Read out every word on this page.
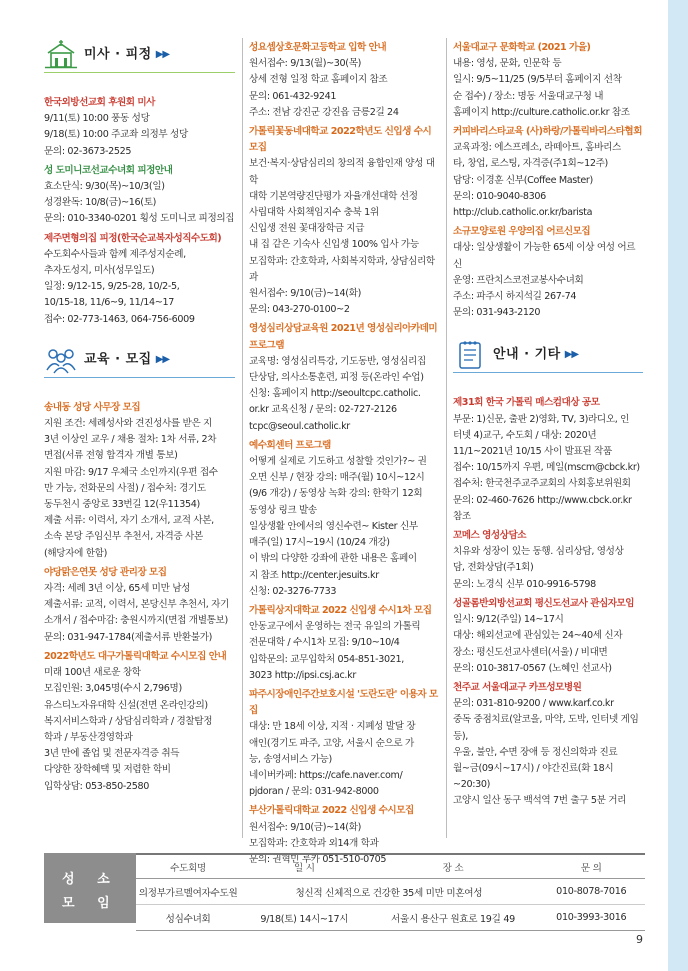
미사 · 피정 ▶▶
한국외방선교회 후원회 미사
9/11(토) 10:00 풍동 성당
9/18(토) 10:00 주교좌 의정부 성당
문의: 02-3673-2525
성 도미니코선교수녀회 피정안내
효소단식: 9/30(목)~10/3(일)
성경완독: 10/8(금)~16(토)
문의: 010-3340-0201 횡성 도미니코 피정의집
제주면형의집 피정(한국순교복자성직수도회)
수도회수사들과 함께 제주성지순례,
추자도성지, 미사(성무일도)
일정: 9/12-15, 9/25-28, 10/2-5,
10/15-18, 11/6~9, 11/14~17
접수: 02-773-1463, 064-756-6009
교육 · 모집 ▶▶
송내동 성당 사무장 모집
지원 조건: 세례성사와 견진성사를 받은 지
3년 이상인 교우 / 채용 절차: 1차 서류, 2차
면접(서류 전형 합격자 개별 통보)
지원 마감: 9/17 우체국 소인까지(우편 접수
만 가능, 전화문의 사절) / 접수처: 경기도
동두천시 중앙로 33번길 12(우11354)
제출 서류: 이력서, 자기 소개서, 교적 사본,
소속 본당 주임신부 추천서, 자격증 사본
(해당자에 한함)
야당맑은연못 성당 관리장 모집
자격: 세례 3년 이상, 65세 미만 남성
제출서류: 교적, 이력서, 본당신부 추천서, 자기
소개서 / 접수마감: 충원시까지(면접 개별통보)
문의: 031-947-1784(제출서류 반환불가)
2022학년도 대구가톨릭대학교 수시모집 안내
미래 100년 새로운 창학
모집인원: 3,045명(수시 2,796명)
유스티노자유대학 신설(전면 온라인강의)
복지서비스학과 / 상담심리학과 / 경찰탐정
학과 / 부동산경영학과
3년 만에 졸업 및 전문자격증 취득
다양한 장학혜택 및 저렴한 학비
입학상담: 053-850-2580
성요셉상호문화고등학교 입학 안내
원서접수: 9/13(월)~30(목)
상세 전형 일정 학교 홈페이지 참조
문의: 061-432-9241
주소: 전남 강진군 강진읍 금릉2길 24
가톨릭꽃동네대학교 2022학년도 신입생 수시모집
보건·복지·상담심리의 창의적 융합인재 양성 대학
대학 기본역량진단평가 자율개선대학 선정
사립대학 사회책임지수 충북 1위
신입생 전원 꽃대장학금 지급
내 집 같은 기숙사 신입생 100% 입사 가능
모집학과: 간호학과, 사회복지학과, 상담심리학과
원서접수: 9/10(금)~14(화)
문의: 043-270-0100~2
영성심리상담교육원 2021년 영성심리아카데미 프로그램
교육명: 영성심리특강, 기도동반, 영성심리집
단상담, 의사소통훈련, 피정 등(온라인 수업)
신청: 홈페이지 http://seoultcpc.catholic.
or.kr 교육신청 / 문의: 02-727-2126
tcpc@seoul.catholic.kr
예수회센터 프로그램
어떻게 실제로 기도하고 성찰할 것인가?~ 권
오면 신부 / 현장 강의: 매주(월) 10시~12시
(9/6 개강) / 동영상 녹화 강의: 한학기 12회
동영상 링크 발송
일상생활 안에서의 영신수련~ Kister 신부
매주(일) 17시~19시 (10/24 개강)
이 밖의 다양한 강좌에 관한 내용은 홈페이
지 참조 http://center.jesuits.kr
신청: 02-3276-7733
가톨릭상지대학교 2022 신입생 수시1차 모집
안동교구에서 운영하는 전국 유일의 가톨릭
전문대학 / 수시1차 모집: 9/10~10/4
입학문의: 교무입학처 054-851-3021,
3023 http://ipsi.csj.ac.kr
파주시장애인주간보호시설 '도란도란' 이용자 모집
대상: 만 18세 이상, 지적 · 지폐성 발달 장
애인(경기도 파주, 고양, 서울시 순으로 가
능, 송영서비스 가능)
네이버카페: https://cafe.naver.com/
pjdoran / 문의: 031-942-8000
부산가톨릭대학교 2022 신입생 수시모집
원서접수: 9/10(금)~14(화)
모집학과: 간호학과 외14개 학과
문의: 권혁민 루카 051-510-0705
서울대교구 문화학교 (2021 가을)
내용: 영성, 문화, 인문학 등
일시: 9/5~11/25 (9/5부터 홈페이지 선착
순 접수) / 장소: 명동 서울대교구청 내
홈페이지 http://culture.catholic.or.kr 참조
커피바리스타교육 (사)하랑/가톨릭바리스타협회
교육과정: 에스프레소, 라떼아트, 홈바리스
타, 창업, 로스팅, 자격증(주1회~12주)
담당: 이경훈 신부(Coffee Master)
문의: 010-9040-8306
http://club.catholic.or.kr/barista
소규모양로원 우양의집 어르신모집
대상: 일상생활이 가능한 65세 이상 여성 어르신
운영: 프란치스코전교봉사수녀회
주소: 파주시 하지석길 267-74
문의: 031-943-2120
안내 · 기타 ▶▶
제31회 한국 가톨릭 매스컴대상 공모
부문: 1)신문, 출판 2)영화, TV, 3)라디오, 인
터넷 4)교구, 수도회 / 대상: 2020년
11/1~2021년 10/15 사이 발표된 작품
접수: 10/15까지 우편, 메일(mscm@cbck.kr)
접수처: 한국천주교주교회의 사회홍보위원회
문의: 02-460-7626 http://www.cbck.or.kr 참조
꼬메스 영성상담소
치유와 성장이 있는 동행. 심리상담, 영성상
담, 전화상담(주1회)
문의: 노경식 신부 010-9916-5798
성골롬반외방선교회 평신도선교사 관심자모임
일시: 9/12(주일) 14~17시
대상: 해외선교에 관심있는 24~40세 신자
장소: 평신도선교사센터(서울) / 비대면
문의: 010-3817-0567 (노혜인 선교사)
천주교 서울대교구 카프성모병원
문의: 031-810-9200 / www.karf.co.kr
중독 중점치료(알코올, 마약, 도박, 인터넷 게임등),
우울, 불안, 수면 장애 등 정신의학과 진료
월~금(09시~17시) / 야간진료(화 18시~20:30)
고양시 일산 동구 백석역 7번 출구 5분 거리
성 소
모 임
수도회명	일 시	장 소	문 의
의정부가르멜여자수도원	청신적 신체적으로 건강한 35세 미만 미혼여성		010-8078-7016
성심수녀회	9/18(토) 14시~17시	서울시 용산구 원효로 19길 49	010-3993-3016
9
